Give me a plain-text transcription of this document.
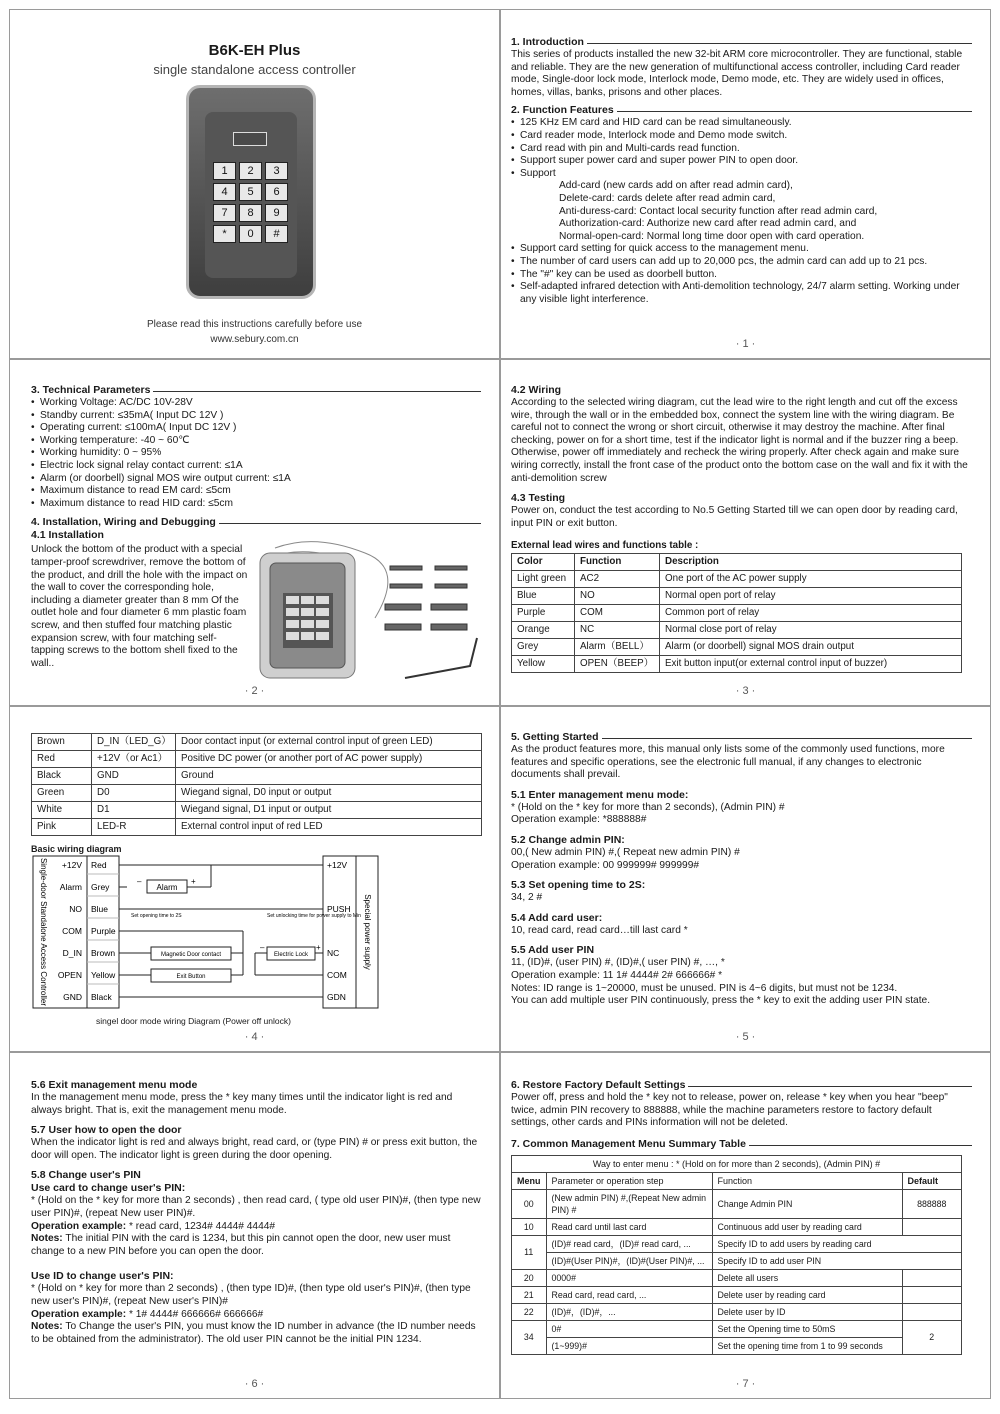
B6K-EH Plus
single standalone access controller
1	2	3
4	5	6
7	8	9
*	0	#
Please read this instructions carefully before use
www.sebury.com.cn
1. Introduction
This series of products installed the new 32-bit ARM core microcontroller. They are functional, stable and reliable. They are the new generation of multifunctional access controller, including Card reader mode, Single-door lock mode, Interlock mode, Demo mode, etc. They are widely used in offices, homes, villas, banks, prisons and other places.
2. Function Features
• 125 KHz EM card and HID card can be read simultaneously.
• Card reader mode, Interlock mode and Demo mode switch.
• Card read with pin and Multi-cards read function.
• Support super power card and super power PIN to open door.
• Support
Add-card (new cards add on after read admin card),
Delete-card: cards delete after read admin card,
Anti-duress-card: Contact local security function after read admin card,
Authorization-card: Authorize new card after read admin card, and
Normal-open-card: Normal long time door open with card operation.
• Support card setting for quick access to the management menu.
• The number of card users can add up to 20,000 pcs, the admin card can add up to 21 pcs.
• The "#" key can be used as doorbell button.
• Self-adapted infrared detection with Anti-demolition technology, 24/7 alarm setting. Working under any visible light interference.
· 1 ·
3. Technical Parameters
• Working Voltage: AC/DC 10V-28V
• Standby current: ≤35mA( Input DC 12V )
• Operating current: ≤100mA( Input DC 12V )
• Working temperature: -40 ~ 60℃
• Working humidity: 0 ~ 95%
• Electric lock signal relay contact current: ≤1A
• Alarm (or doorbell) signal MOS wire output current: ≤1A
• Maximum distance to read EM card: ≤5cm
• Maximum distance to read HID card: ≤5cm
4. Installation, Wiring and Debugging
4.1 Installation
Unlock the bottom of the product with a special tamper-proof screwdriver, remove the bottom of the product, and drill the hole with the impact on the wall to cover the corresponding hole, including a diameter greater than 8 mm Of the outlet hole and four diameter 6 mm plastic foam screw, and then stuffed four matching plastic expansion screw, with four matching self-tapping screws to the bottom shell fixed to the wall..
· 2 ·
4.2 Wiring
According to the selected wiring diagram, cut the lead wire to the right length and cut off the excess wire, through the wall or in the embedded box, connect the system line with the wiring diagram. Be careful not to connect the wrong or short circuit, otherwise it may destroy the machine. After final checking, power on for a short time, test if the indicator light is normal and if the buzzer ring a beep. Otherwise, power off immediately and recheck the wiring properly. After check again and make sure wiring correctly, install the front case of the product onto the bottom case on the wall and fix it with the anti-demolition screw
4.3 Testing
Power on, conduct the test according to No.5 Getting Started till we can open door by reading card, input PIN or exit button.
External lead wires and functions table :
Color	Function	Description
Light green	AC2	One port of the AC power supply
Blue	NO	Normal open port of relay
Purple	COM	Common port of relay
Orange	NC	Normal close port of relay
Grey	Alarm（BELL）	Alarm (or doorbell) signal MOS drain output
Yellow	OPEN（BEEP）	Exit button input(or external control input of buzzer)
· 3 ·
Brown	D_IN（LED_G）	Door contact input (or external control input of green LED)
Red	+12V（or Ac1）	Positive DC power (or another port of AC power supply)
Black	GND	Ground
Green	D0	Wiegand signal, D0 input or output
White	D1	Wiegand signal, D1 input or output
Pink	LED-R	External control input of red LED
Basic wiring diagram
+12V Red
Alarm Grey
NO Blue
COM Purple
D_IN Brown
OPEN Yellow
GND Black
+12V
PUSH
NC
COM
GDN
Single-door Standalone Access Controller	Special power supply
Alarm
–	+
Set opening time to 2S	Set unlocking time for power supply to Min
Magnetic Door contact
Exit Button
Electric Lock
–	+
singel door mode wiring Diagram (Power off unlock)
· 4 ·
5. Getting Started
As the product features more, this manual only lists some of the commonly used functions, more features and specific operations, see the electronic full manual, if any changes to electronic documents shall prevail.
5.1 Enter management menu mode:
* (Hold on the * key for more than 2 seconds), (Admin PIN) #
Operation example: *888888#
5.2 Change admin PIN:
00,( New admin PIN) #,( Repeat new admin PIN) #
Operation example: 00 999999# 999999#
5.3 Set opening time to 2S:
34, 2 #
5.4 Add card user:
10, read card, read card…till last card *
5.5 Add user PIN
11, (ID)#, (user PIN) #, (ID)#,( user PIN) #, …, *
Operation example: 11 1# 4444# 2# 666666# *
Notes: ID range is 1~20000, must be unused. PIN is 4~6 digits, but must not be 1234.
You can add multiple user PIN continuously, press the * key to exit the adding user PIN state.
· 5 ·
5.6 Exit management menu mode
In the management menu mode, press the * key many times until the indicator light is red and always bright. That is, exit the management menu mode.
5.7 User how to open the door
When the indicator light is red and always bright, read card, or (type PIN) # or press exit button, the door will open. The indicator light is green during the door opening.
5.8 Change user's PIN
Use card to change user's PIN:
* (Hold on the * key for more than 2 seconds) , then read card, ( type old user PIN)#, (then type new user PIN)#, (repeat New user PIN)#.
Operation example: * read card, 1234# 4444# 4444#
Notes: The initial PIN with the card is 1234, but this pin cannot open the door, new user must change to a new PIN before you can open the door.
Use ID to change user's PIN:
* (Hold on * key for more than 2 seconds) , (then type ID)#, (then type old user's PIN)#, (then type new user's PIN)#, (repeat New user's PIN)#
Operation example: * 1# 4444# 666666# 666666#
Notes: To Change the user's PIN, you must know the ID number in advance (the ID number needs to be obtained from the administrator). The old user PIN cannot be the initial PIN 1234.
· 6 ·
6. Restore Factory Default Settings
Power off, press and hold the * key not to release, power on, release * key when you hear "beep" twice, admin PIN recovery to 888888, while the machine parameters restore to factory default settings, other cards and PINs information will not be deleted.
7. Common Management Menu Summary Table
Way to enter menu : * (Hold on for more than 2 seconds), (Admin PIN) #			
Menu	Parameter or operation step	Function	Default
00	(New admin PIN) #,(Repeat New admin PIN) #	Change Admin PIN	888888
10	Read card until last card	Continuous add user by reading card	
11	(ID)# read card，(ID)# read card, ...	Specify ID to add users by reading card	
	(ID)#(User PIN)#，(ID)#(User PIN)#, ...	Specify ID to add user PIN	
20	0000#	Delete all users	
21	Read card, read card, ...	Delete user by reading card	
22	(ID)#，(ID)#，...	Delete user by ID	
34	0#	Set the Opening time to 50mS	2
	(1~999)#	Set the opening time from 1 to 99 seconds	
· 7 ·
